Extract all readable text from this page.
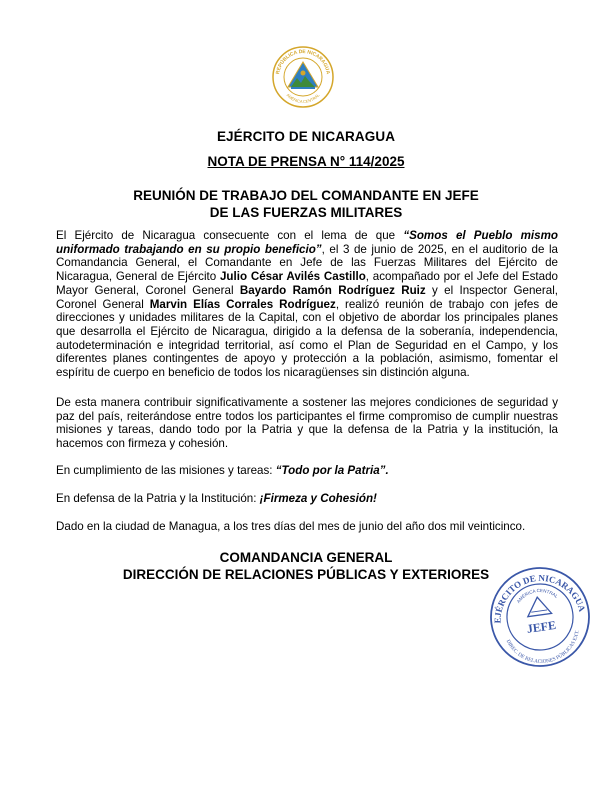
REPÚBLICA DE NICARAGUA
AMÉRICA CENTRAL
EJÉRCITO DE NICARAGUA
NOTA DE PRENSA N° 114/2025
REUNIÓN DE TRABAJO DEL COMANDANTE EN JEFE
DE LAS FUERZAS MILITARES

El Ejército de Nicaragua consecuente con el lema de que “Somos el Pueblo mismo uniformado trabajando en su propio beneficio”, el 3 de junio de 2025, en el auditorio de la Comandancia General, el Comandante en Jefe de las Fuerzas Militares del Ejército de Nicaragua, General de Ejército Julio César Avilés Castillo, acompañado por el Jefe del Estado Mayor General, Coronel General Bayardo Ramón Rodríguez Ruiz y el Inspector General, Coronel General Marvin Elías Corrales Rodríguez, realizó reunión de trabajo con jefes de direcciones y unidades militares de la Capital, con el objetivo de abordar los principales planes que desarrolla el Ejército de Nicaragua, dirigido a la defensa de la soberanía, independencia, autodeterminación e integridad territorial, así como el Plan de Seguridad en el Campo, y los diferentes planes contingentes de apoyo y protección a la población, asimismo, fomentar el espíritu de cuerpo en beneficio de todos los nicaragüenses sin distinción alguna.

De esta manera contribuir significativamente a sostener las mejores condiciones de seguridad y paz del país, reiterándose entre todos los participantes el firme compromiso de cumplir nuestras misiones y tareas, dando todo por la Patria y que la defensa de la Patria y la institución, la hacemos con firmeza y cohesión.

En cumplimiento de las misiones y tareas: “Todo por la Patria”.

En defensa de la Patria y la Institución: ¡Firmeza y Cohesión!

Dado en la ciudad de Managua, a los tres días del mes de junio del año dos mil veinticinco.

COMANDANCIA GENERAL
DIRECCIÓN DE RELACIONES PÚBLICAS Y EXTERIORES
EJÉRCITO DE NICARAGUA
AMÉRICA CENTRAL
DIREC. DE RELACIONES PÚBLICAS EXT.
JEFE
